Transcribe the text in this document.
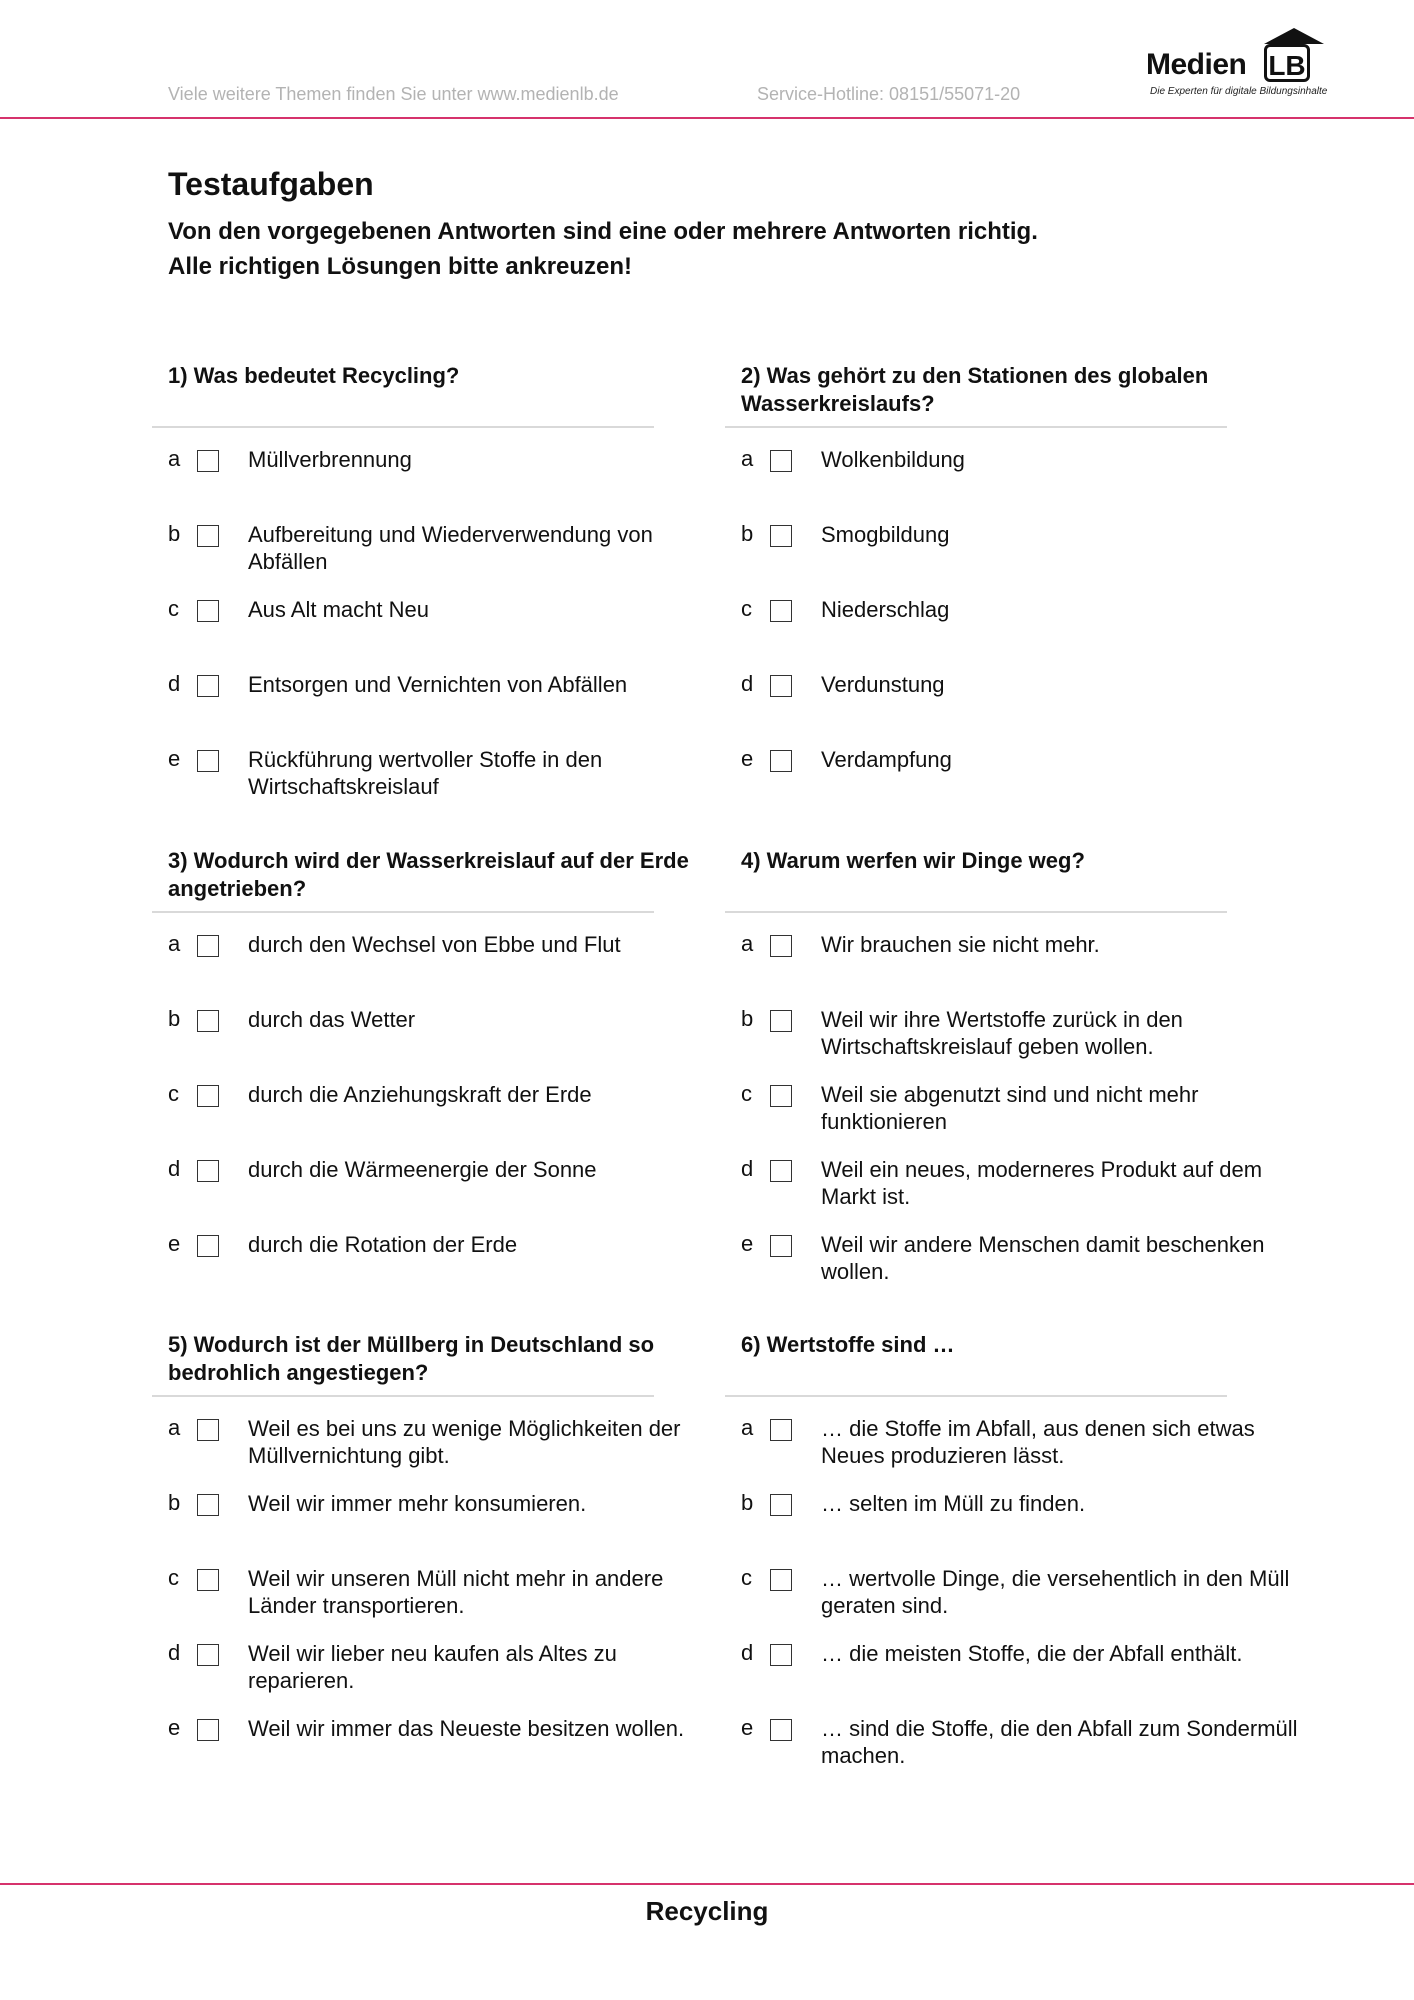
Viele weitere Themen finden Sie unter www.medienlb.de	Service-Hotline: 08151/55071-20
Medien LB
Die Experten für digitale Bildungsinhalte
Testaufgaben
Von den vorgegebenen Antworten sind eine oder mehrere Antworten richtig.
Alle richtigen Lösungen bitte ankreuzen!
1) Was bedeutet Recycling?
a	Müllverbrennung
b	Aufbereitung und Wiederverwendung von Abfällen
c	Aus Alt macht Neu
d	Entsorgen und Vernichten von Abfällen
e	Rückführung wertvoller Stoffe in den Wirtschaftskreislauf
2) Was gehört zu den Stationen des globalen Wasserkreislaufs?
a	Wolkenbildung
b	Smogbildung
c	Niederschlag
d	Verdunstung
e	Verdampfung
3) Wodurch wird der Wasserkreislauf auf der Erde angetrieben?
a	durch den Wechsel von Ebbe und Flut
b	durch das Wetter
c	durch die Anziehungskraft der Erde
d	durch die Wärmeenergie der Sonne
e	durch die Rotation der Erde
4) Warum werfen wir Dinge weg?
a	Wir brauchen sie nicht mehr.
b	Weil wir ihre Wertstoffe zurück in den Wirtschaftskreislauf geben wollen.
c	Weil sie abgenutzt sind und nicht mehr funktionieren
d	Weil ein neues, moderneres Produkt auf dem Markt ist.
e	Weil wir andere Menschen damit beschenken wollen.
5) Wodurch ist der Müllberg in Deutschland so bedrohlich angestiegen?
a	Weil es bei uns zu wenige Möglichkeiten der Müllvernichtung gibt.
b	Weil wir immer mehr konsumieren.
c	Weil wir unseren Müll nicht mehr in andere Länder transportieren.
d	Weil wir lieber neu kaufen als Altes zu reparieren.
e	Weil wir immer das Neueste besitzen wollen.
6) Wertstoffe sind …
a	… die Stoffe im Abfall, aus denen sich etwas Neues produzieren lässt.
b	… selten im Müll zu finden.
c	… wertvolle Dinge, die versehentlich in den Müll geraten sind.
d	… die meisten Stoffe, die der Abfall enthält.
e	… sind die Stoffe, die den Abfall zum Sondermüll machen.
Recycling
